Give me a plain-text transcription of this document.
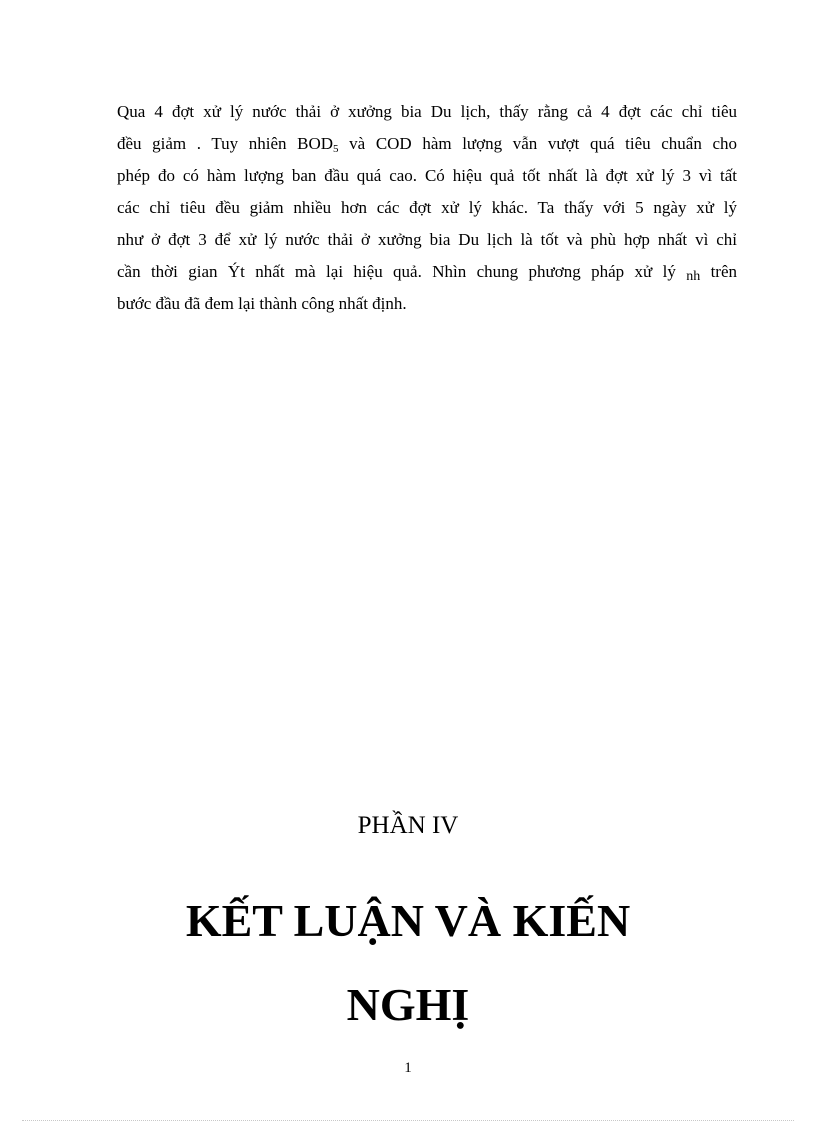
Qua 4 đợt xử lý nước thải ở xưởng bia Du lịch, thấy rằng cả 4 đợt các chỉ tiêu
đều giảm . Tuy nhiên $BOD_5$ và COD hàm lượng vẫn vượt quá tiêu chuẩn cho
phép đo có hàm lượng ban đầu quá cao. Có hiệu quả tốt nhất là đợt xử lý 3 vì tất
các chỉ tiêu đều giảm nhiều hơn các đợt xử lý khác. Ta thấy với 5 ngày xử lý
như ở đợt 3 để xử lý nước thải ở xưởng bia Du lịch là tốt và phù hợp nhất vì chỉ
cần thời gian Ýt nhất mà lại hiệu quả. Nhìn chung phương pháp xử lý nh trên
bước đầu đã đem lại thành công nhất định.
PHẦN IV
KẾT LUẬN VÀ KIẾN
NGHỊ
1
